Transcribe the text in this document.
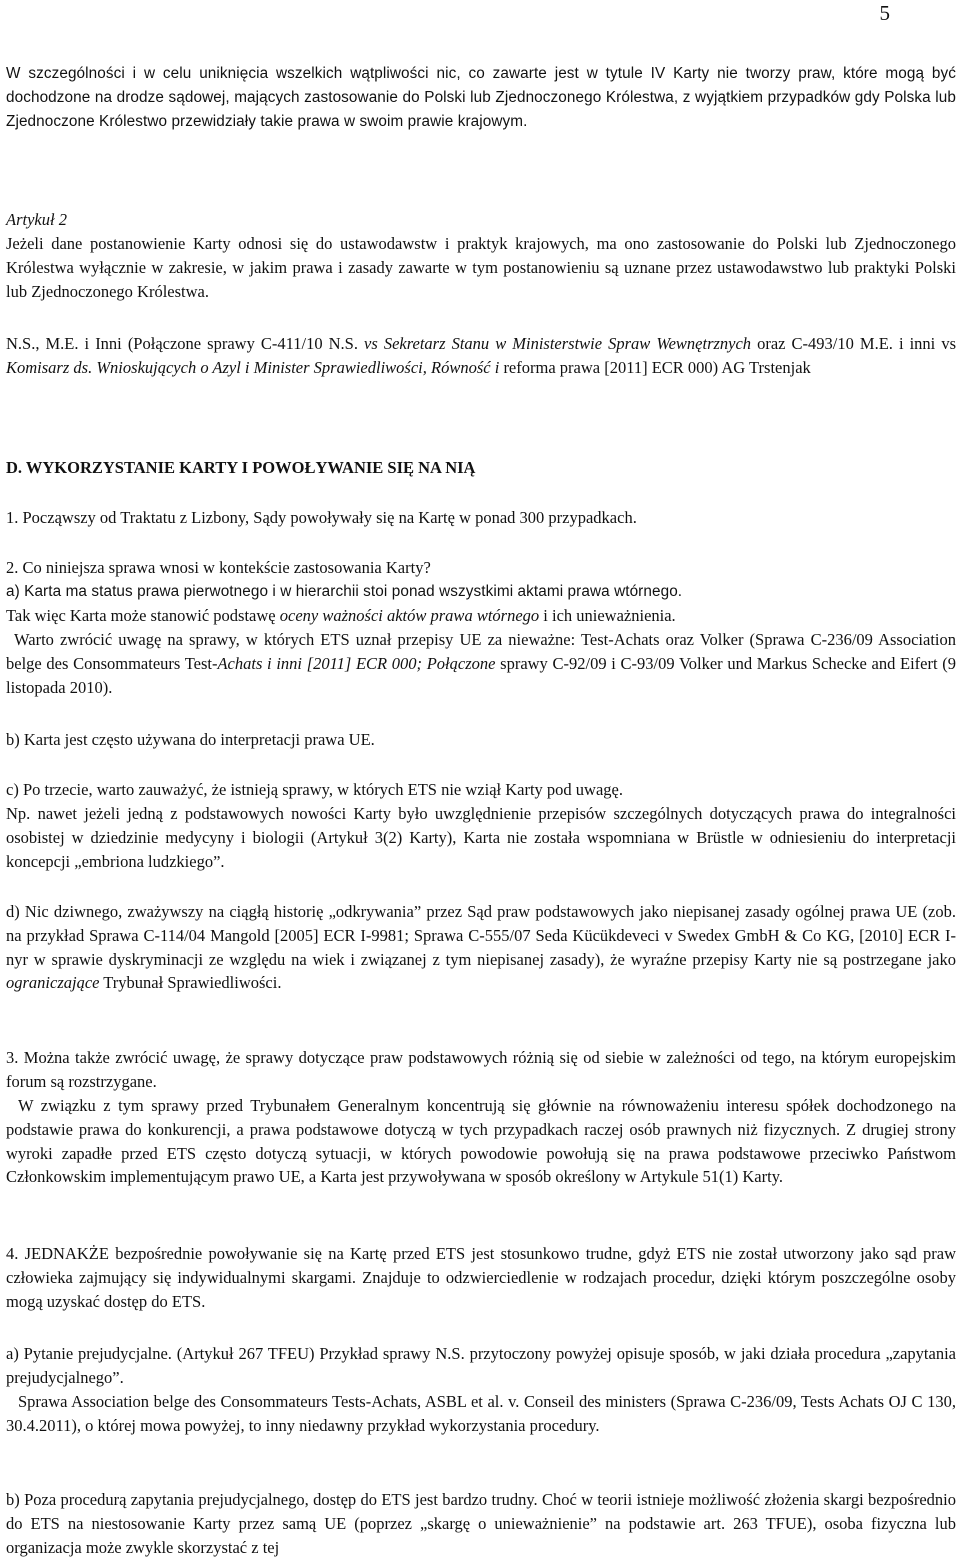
5

W szczególności i w celu uniknięcia wszelkich wątpliwości nic, co zawarte jest w tytule IV Karty nie tworzy praw, które mogą być dochodzone na drodze sądowej, mających zastosowanie do Polski lub Zjednoczonego Królestwa, z wyjątkiem przypadków gdy Polska lub Zjednoczone Królestwo przewidziały takie prawa w swoim prawie krajowym.

Artykuł 2

Jeżeli dane postanowienie Karty odnosi się do ustawodawstw i praktyk krajowych, ma ono zastosowanie do Polski lub Zjednoczonego Królestwa wyłącznie w zakresie, w jakim prawa i zasady zawarte w tym postanowieniu są uznane przez ustawodawstwo lub praktyki Polski lub Zjednoczonego Królestwa.

N.S., M.E. i Inni (Połączone sprawy C-411/10 N.S. vs Sekretarz Stanu w Ministerstwie Spraw Wewnętrznych oraz C-493/10 M.E. i inni vs Komisarz ds. Wnioskujących o Azyl i Minister Sprawiedliwości, Równość i reforma prawa [2011] ECR 000) AG Trstenjak

D. WYKORZYSTANIE KARTY I POWOŁYWANIE SIĘ NA NIĄ

1. Począwszy od Traktatu z Lizbony, Sądy powoływały się na Kartę w ponad 300 przypadkach.

2. Co niniejsza sprawa wnosi w kontekście zastosowania Karty?

a) Karta ma status prawa pierwotnego i w hierarchii stoi ponad wszystkimi aktami prawa wtórnego.

Tak więc Karta może stanowić podstawę oceny ważności aktów prawa wtórnego i ich unieważnienia.

Warto zwrócić uwagę na sprawy, w których ETS uznał przepisy UE za nieważne: Test-Achats oraz Volker (Sprawa C-236/09 Association belge des Consommateurs Test-Achats i inni [2011] ECR 000; Połączone sprawy C-92/09 i C-93/09 Volker und Markus Schecke and Eifert (9 listopada 2010).

b) Karta jest często używana do interpretacji prawa UE.

c) Po trzecie, warto zauważyć, że istnieją sprawy, w których ETS nie wziął Karty pod uwagę.

Np. nawet jeżeli jedną z podstawowych nowości Karty było uwzględnienie przepisów szczególnych dotyczących prawa do integralności osobistej w dziedzinie medycyny i biologii (Artykuł 3(2) Karty), Karta nie została wspomniana w Brüstle w odniesieniu do interpretacji koncepcji „embriona ludzkiego”.

d) Nic dziwnego, zważywszy na ciągłą historię „odkrywania” przez Sąd praw podstawowych jako niepisanej zasady ogólnej prawa UE (zob. na przykład Sprawa C-114/04 Mangold [2005] ECR I-9981; Sprawa C-555/07 Seda Kücükdeveci v Swedex GmbH & Co KG, [2010] ECR I-nyr w sprawie dyskryminacji ze względu na wiek i związanej z tym niepisanej zasady), że wyraźne przepisy Karty nie są postrzegane jako ograniczające Trybunał Sprawiedliwości.

3. Można także zwrócić uwagę, że sprawy dotyczące praw podstawowych różnią się od siebie w zależności od tego, na którym europejskim forum są rozstrzygane.

W związku z tym sprawy przed Trybunałem Generalnym koncentrują się głównie na równoważeniu interesu spółek dochodzonego na podstawie prawa do konkurencji, a prawa podstawowe dotyczą w tych przypadkach raczej osób prawnych niż fizycznych. Z drugiej strony wyroki zapadłe przed ETS często dotyczą sytuacji, w których powodowie powołują się na prawa podstawowe przeciwko Państwom Członkowskim implementującym prawo UE, a Karta jest przywoływana w sposób określony w Artykule 51(1) Karty.

4. JEDNAKŻE bezpośrednie powoływanie się na Kartę przed ETS jest stosunkowo trudne, gdyż ETS nie został utworzony jako sąd praw człowieka zajmujący się indywidualnymi skargami. Znajduje to odzwierciedlenie w rodzajach procedur, dzięki którym poszczególne osoby mogą uzyskać dostęp do ETS.

a) Pytanie prejudycjalne. (Artykuł 267 TFEU) Przykład sprawy N.S. przytoczony powyżej opisuje sposób, w jaki działa procedura „zapytania prejudycjalnego”.

Sprawa Association belge des Consommateurs Tests-Achats, ASBL et al. v. Conseil des ministers (Sprawa C-236/09, Tests Achats OJ C 130, 30.4.2011), o której mowa powyżej, to inny niedawny przykład wykorzystania procedury.

b) Poza procedurą zapytania prejudycjalnego, dostęp do ETS jest bardzo trudny. Choć w teorii istnieje możliwość złożenia skargi bezpośrednio do ETS na niestosowanie Karty przez samą UE (poprzez „skargę o unieważnienie” na podstawie art. 263 TFUE), osoba fizyczna lub organizacja może zwykle skorzystać z tej
